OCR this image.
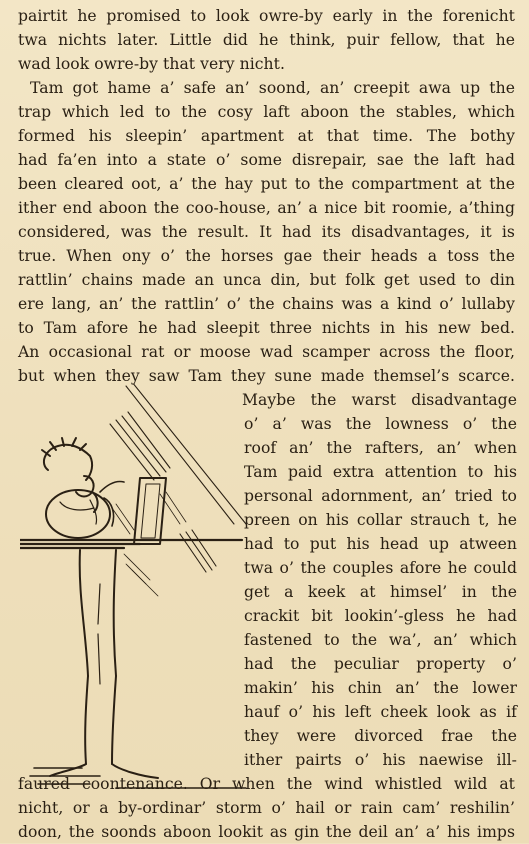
pairtit he promised to look owre-by early in the forenicht
twa nichts later. Little did he think, puir fellow, that he
wad look owre-by that very nicht.
Tam got hame a’ safe an’ soond, an’ creepit awa up the
trap which led to the cosy laft aboon the stables, which
formed his sleepin’ apartment at that time. The bothy
had fa’en into a state o’ some disrepair, sae the laft had
been cleared oot, a’ the hay put to the compartment at the
ither end aboon the coo-house, an’ a nice bit roomie, a’thing
considered, was the result. It had its disadvantages, it is
true. When ony o’ the horses gae their heads a toss the
rattlin’ chains made an unca din, but folk get used to din
ere lang, an’ the rattlin’ o’ the chains was a kind o’ lullaby
to Tam afore he had sleepit three nichts in his new bed.
An occasional rat or moose wad scamper across the floor,
but when they saw Tam they sune made themsel’s scarce.
Maybe the warst disadvantage
o’ a’ was the lowness o’ the
roof an’ the rafters, an’ when
Tam paid extra attention to his
personal adornment, an’ tried to
preen on his collar strauch t, he
had to put his head up atween
twa o’ the couples afore he could
get a keek at himsel’ in the
crackit bit lookin’-gless he had
fastened to the wa’, an’ which
had the peculiar property o’
makin’ his chin an’ the lower
hauf o’ his left cheek look as if
they were divorced frae the
ither pairts o’ his naewise ill-
faured coontenance. Or when the wind whistled wild at
nicht, or a by-ordinar’ storm o’ hail or rain cam’ reshilin’
doon, the soonds aboon lookit as gin the deil an’ a’ his imps
